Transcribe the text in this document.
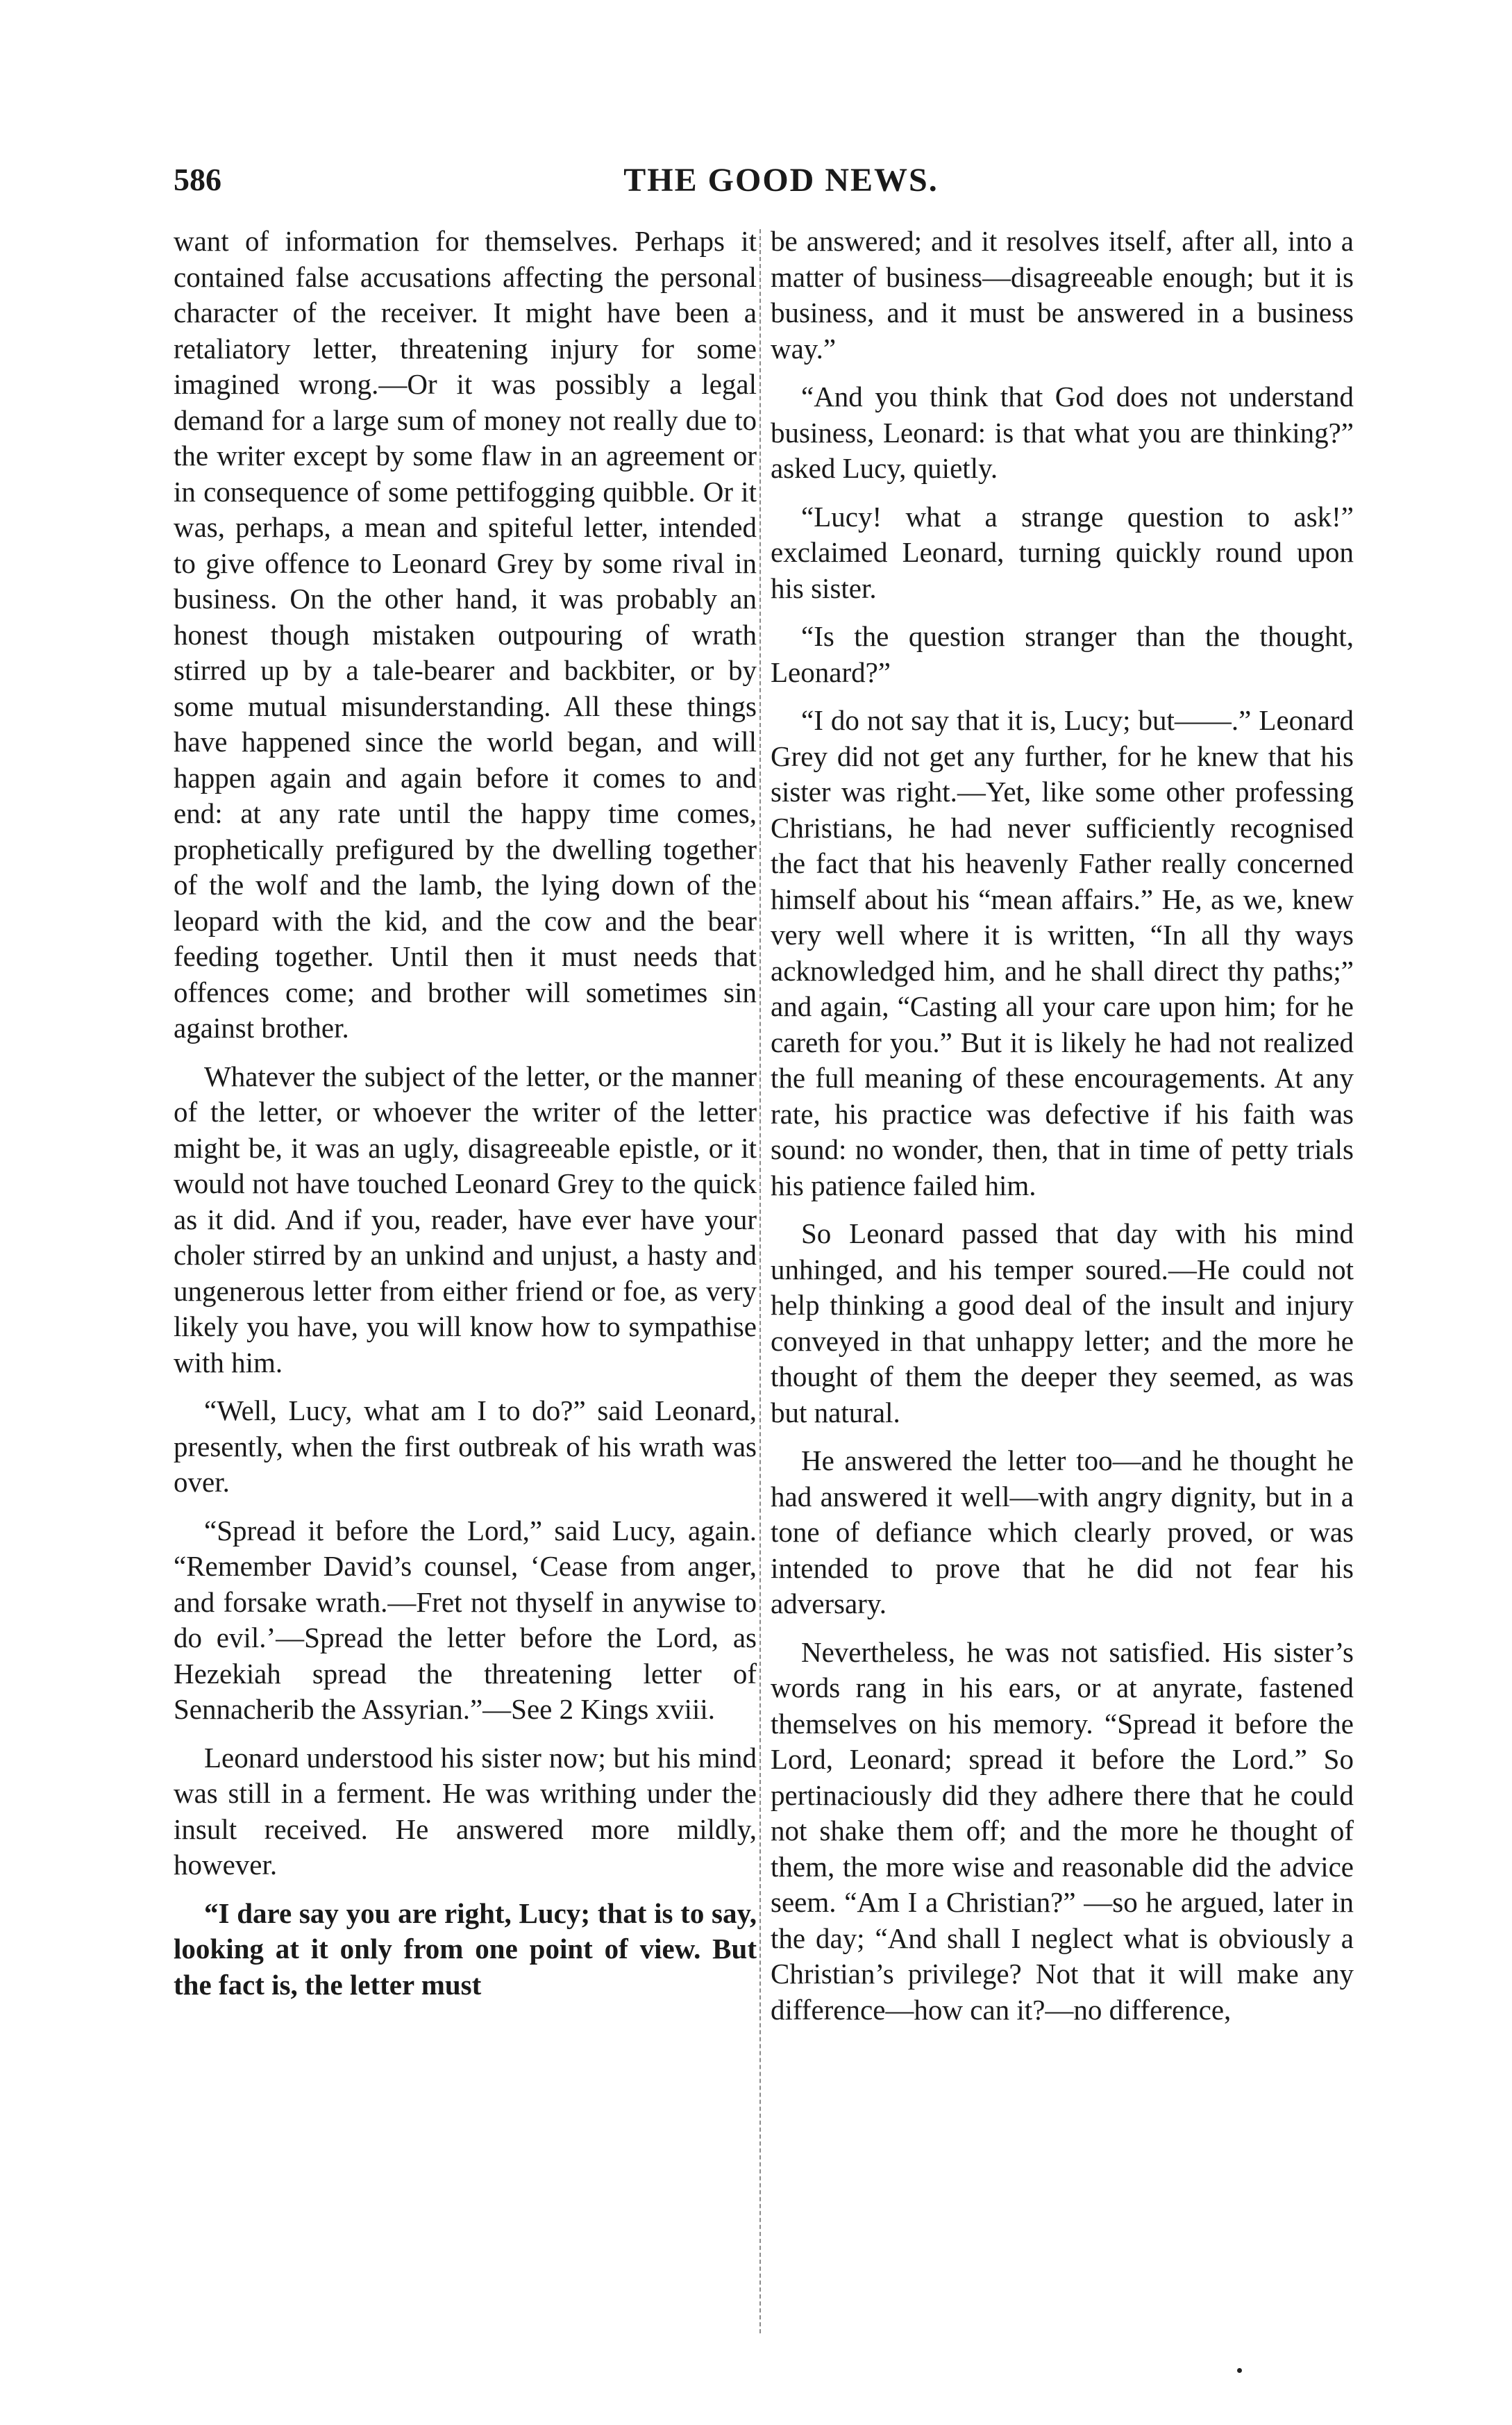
586	THE GOOD NEWS.

want of information for themselves. Perhaps it contained false accusations affecting the personal character of the receiver. It might have been a retaliatory letter, threatening injury for some imagined wrong.—Or it was possibly a legal demand for a large sum of money not really due to the writer except by some flaw in an agreement or in consequence of some pettifogging quibble. Or it was, perhaps, a mean and spiteful letter, intended to give offence to Leonard Grey by some rival in business. On the other hand, it was probably an honest though mistaken outpouring of wrath stirred up by a tale-bearer and backbiter, or by some mutual misunderstanding. All these things have happened since the world began, and will happen again and again before it comes to and end: at any rate until the happy time comes, prophetically prefigured by the dwelling together of the wolf and the lamb, the lying down of the leopard with the kid, and the cow and the bear feeding together. Until then it must needs that offences come; and brother will sometimes sin against brother.

Whatever the subject of the letter, or the manner of the letter, or whoever the writer of the letter might be, it was an ugly, disagreeable epistle, or it would not have touched Leonard Grey to the quick as it did. And if you, reader, have ever have your choler stirred by an unkind and unjust, a hasty and ungenerous letter from either friend or foe, as very likely you have, you will know how to sympathise with him.

“Well, Lucy, what am I to do?” said Leonard, presently, when the first outbreak of his wrath was over.

“Spread it before the Lord,” said Lucy, again. “Remember David’s counsel, ‘Cease from anger, and forsake wrath.—Fret not thyself in anywise to do evil.’—Spread the letter before the Lord, as Hezekiah spread the threatening letter of Sennacherib the Assyrian.”—See 2 Kings xviii.

Leonard understood his sister now; but his mind was still in a ferment. He was writhing under the insult received. He answered more mildly, however.

“I dare say you are right, Lucy; that is to say, looking at it only from one point of view. But the fact is, the letter must

be answered; and it resolves itself, after all, into a matter of business—disagreeable enough; but it is business, and it must be answered in a business way.”

“And you think that God does not understand business, Leonard: is that what you are thinking?” asked Lucy, quietly.

“Lucy! what a strange question to ask!” exclaimed Leonard, turning quickly round upon his sister.

“Is the question stranger than the thought, Leonard?”

“I do not say that it is, Lucy; but——.” Leonard Grey did not get any further, for he knew that his sister was right.—Yet, like some other professing Christians, he had never sufficiently recognised the fact that his heavenly Father really concerned himself about his “mean affairs.” He, as we, knew very well where it is written, “In all thy ways acknowledged him, and he shall direct thy paths;” and again, “Casting all your care upon him; for he careth for you.” But it is likely he had not realized the full meaning of these encouragements. At any rate, his practice was defective if his faith was sound: no wonder, then, that in time of petty trials his patience failed him.

So Leonard passed that day with his mind unhinged, and his temper soured.—He could not help thinking a good deal of the insult and injury conveyed in that unhappy letter; and the more he thought of them the deeper they seemed, as was but natural.

He answered the letter too—and he thought he had answered it well—with angry dignity, but in a tone of defiance which clearly proved, or was intended to prove that he did not fear his adversary.

Nevertheless, he was not satisfied. His sister’s words rang in his ears, or at anyrate, fastened themselves on his memory. “Spread it before the Lord, Leonard; spread it before the Lord.” So pertinaciously did they adhere there that he could not shake them off; and the more he thought of them, the more wise and reasonable did the advice seem. “Am I a Christian?” —so he argued, later in the day; “And shall I neglect what is obviously a Christian’s privilege? Not that it will make any difference—how can it?—no difference,
